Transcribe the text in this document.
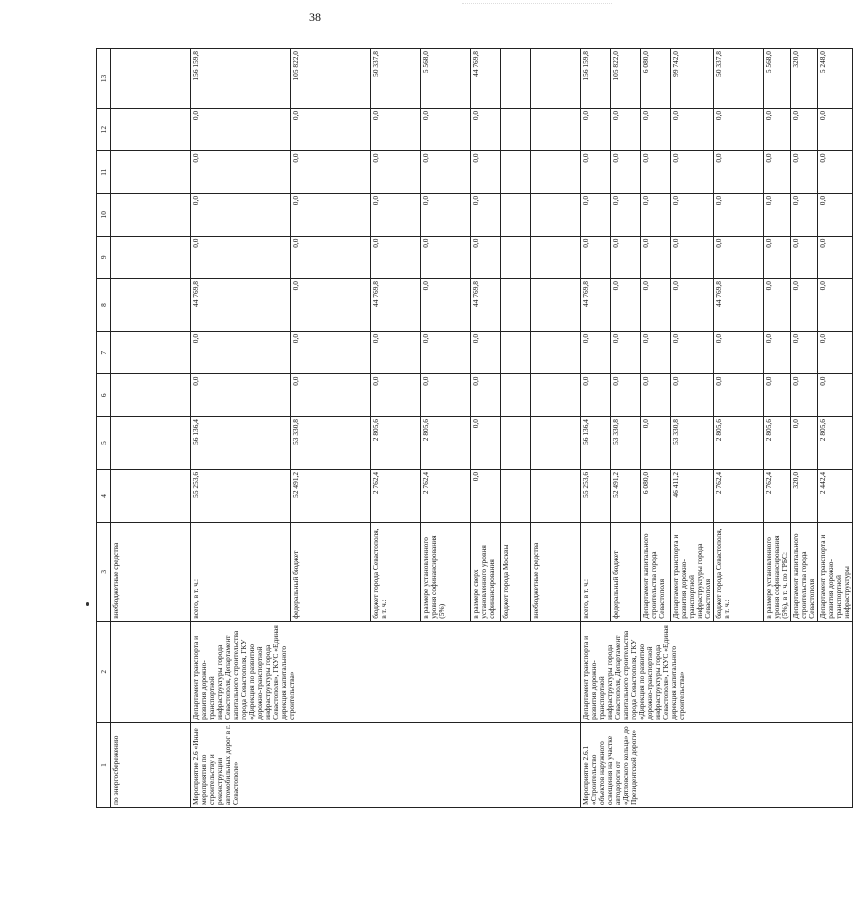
38
1	2	3	4	5	6	7	8	9	10	11	12	13
по энергосбережению		внебюджетные средства										
Мероприятие 2.6 «Иные мероприятия по строительству и реконструкции автомобильных дорог в г. Севастополе»	Департамент транспорта и развития дорожно-транспортной инфраструктуры города Севастополя, Департамент капитального строительства города Севастополя, ГКУ «Дирекция по развитию дорожно-транспортной инфраструктуры города Севастополя», ГКУС «Единая дирекция капитального строительства»	всего, в т. ч.:	55 253,6	56 136,4	0,0	0,0	44 769,8	0,0	0,0	0,0	0,0	156 159,8
		федеральный бюджет	52 491,2	53 330,8	0,0	0,0	0,0	0,0	0,0	0,0	0,0	105 822,0
		бюджет города Севастополя, в т. ч.:	2 762,4	2 805,6	0,0	0,0	44 769,8	0,0	0,0	0,0	0,0	50 337,8
		в размере установленного уровня софинансирования (5%)	2 762,4	2 805,6	0,0	0,0	0,0	0,0	0,0	0,0	0,0	5 568,0
		в размере сверх установленного уровня софинансирования	0,0	0,0	0,0	0,0	44 769,8	0,0	0,0	0,0	0,0	44 769,8
		бюджет города Москвы										
		внебюджетные средства										
Мероприятие 2.6.1 «Строительство объектов наружного освещения на участке автодороги от «Дятловского кольца» до Президентской дороги»	Департамент транспорта и развития дорожно-транспортной инфраструктуры города Севастополя, Департамент капитального строительства города Севастополя, ГКУ «Дирекция по развитию дорожно-транспортной инфраструктуры города Севастополя», ГКУС «Единая дирекция капитального строительства»	всего, в т. ч.:	55 253,6	56 136,4	0,0	0,0	44 769,8	0,0	0,0	0,0	0,0	156 159,8
		федеральный бюджет	52 491,2	53 330,8	0,0	0,0	0,0	0,0	0,0	0,0	0,0	105 822,0
		Департамент капитального строительства города Севастополя	6 080,0	0,0	0,0	0,0	0,0	0,0	0,0	0,0	0,0	6 080,0
		Департамент транспорта и развития дорожно-транспортной инфраструктуры города Севастополя	46 411,2	53 330,8	0,0	0,0	0,0	0,0	0,0	0,0	0,0	99 742,0
		бюджет города Севастополя, в т. ч.:	2 762,4	2 805,6	0,0	0,0	44 769,8	0,0	0,0	0,0	0,0	50 337,8
		в размере установленного уровня софинансирования (5%), в т. ч. по ГРБС:	2 762,4	2 805,6	0,0	0,0	0,0	0,0	0,0	0,0	0,0	5 568,0
		Департамент капитального строительства города Севастополя	320,0	0,0	0,0	0,0	0,0	0,0	0,0	0,0	0,0	320,0
		Департамент транспорта и развития дорожно-транспортной инфраструктуры	2 442,4	2 805,6	0,0	0,0	0,0	0,0	0,0	0,0	0,0	5 248,0
